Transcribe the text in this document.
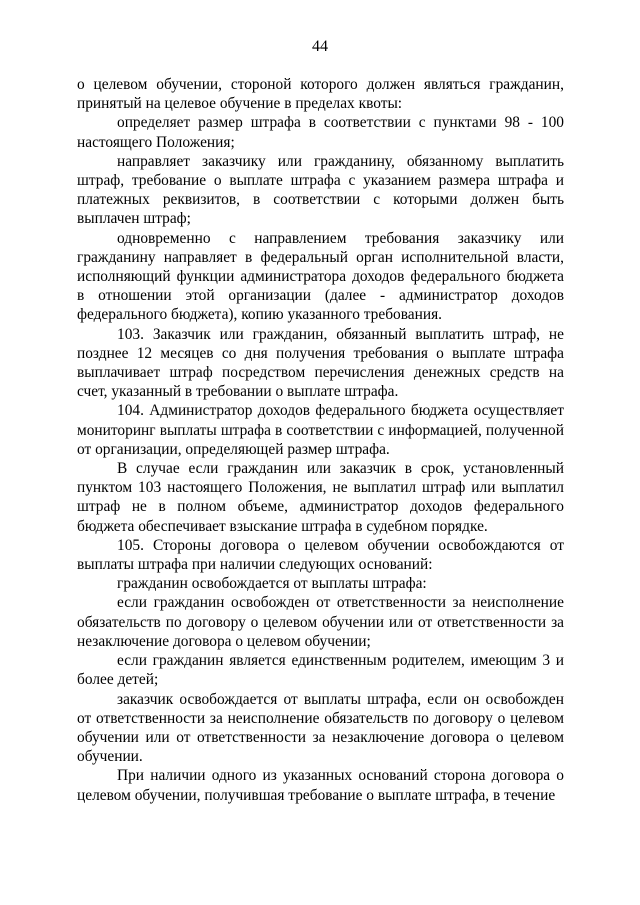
44

о целевом обучении, стороной которого должен являться гражданин, принятый на целевое обучение в пределах квоты:

определяет размер штрафа в соответствии с пунктами 98 - 100 настоящего Положения;

направляет заказчику или гражданину, обязанному выплатить штраф, требование о выплате штрафа с указанием размера штрафа и платежных реквизитов, в соответствии с которыми должен быть выплачен штраф;

одновременно с направлением требования заказчику или гражданину направляет в федеральный орган исполнительной власти, исполняющий функции администратора доходов федерального бюджета в отношении этой организации (далее - администратор доходов федерального бюджета), копию указанного требования.

103. Заказчик или гражданин, обязанный выплатить штраф, не позднее 12 месяцев со дня получения требования о выплате штрафа выплачивает штраф посредством перечисления денежных средств на счет, указанный в требовании о выплате штрафа.

104. Администратор доходов федерального бюджета осуществляет мониторинг выплаты штрафа в соответствии с информацией, полученной от организации, определяющей размер штрафа.

В случае если гражданин или заказчик в срок, установленный пунктом 103 настоящего Положения, не выплатил штраф или выплатил штраф не в полном объеме, администратор доходов федерального бюджета обеспечивает взыскание штрафа в судебном порядке.

105. Стороны договора о целевом обучении освобождаются от выплаты штрафа при наличии следующих оснований:

гражданин освобождается от выплаты штрафа:

если гражданин освобожден от ответственности за неисполнение обязательств по договору о целевом обучении или от ответственности за незаключение договора о целевом обучении;

если гражданин является единственным родителем, имеющим 3 и более детей;

заказчик освобождается от выплаты штрафа, если он освобожден от ответственности за неисполнение обязательств по договору о целевом обучении или от ответственности за незаключение договора о целевом обучении.

При наличии одного из указанных оснований сторона договора о целевом обучении, получившая требование о выплате штрафа, в течение
